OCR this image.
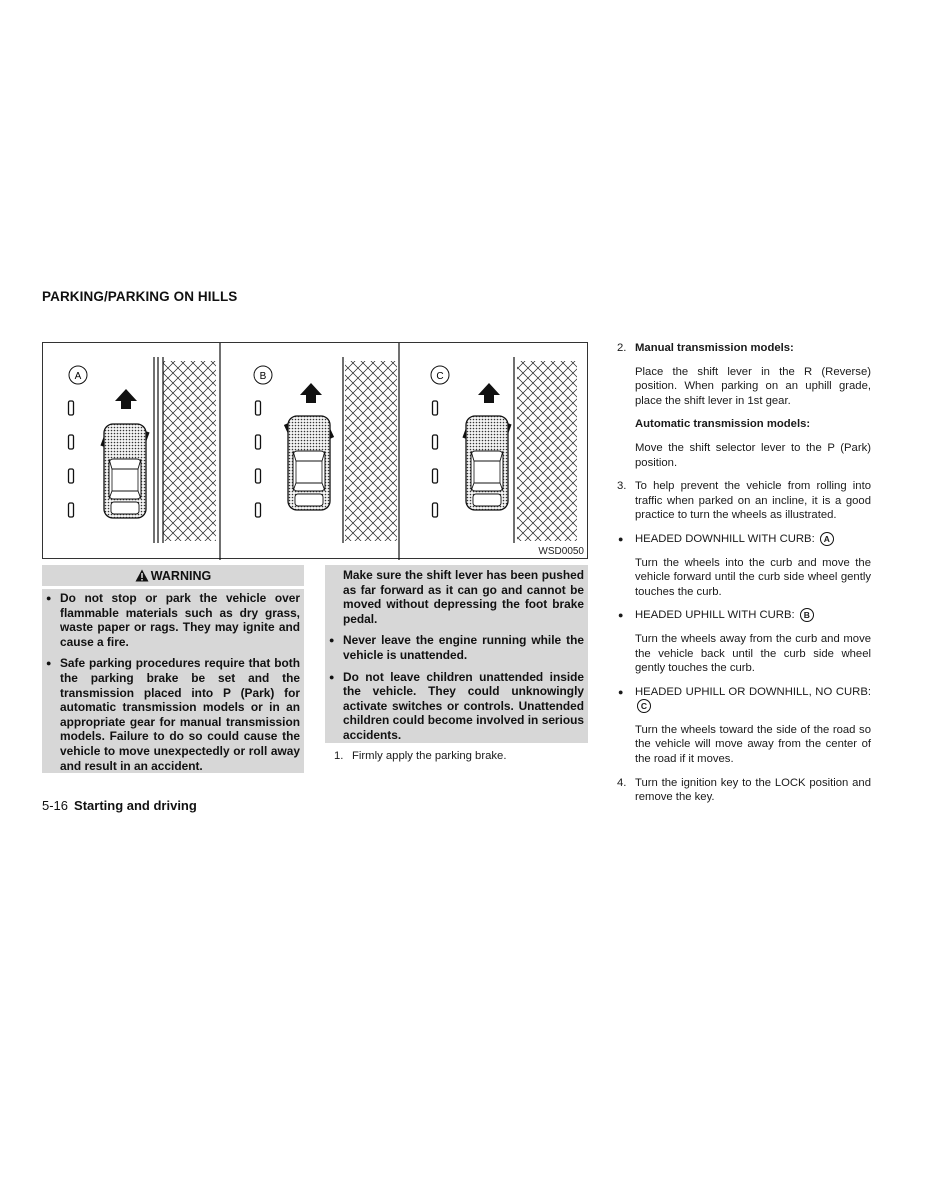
PARKING/PARKING ON HILLS
A	B	C
WSD0050
WARNING
● Do not stop or park the vehicle over flammable materials such as dry grass, waste paper or rags. They may ignite and cause a fire.
● Safe parking procedures require that both the parking brake be set and the transmission placed into P (Park) for automatic transmission models or in an appropriate gear for manual transmission models. Failure to do so could cause the vehicle to move unexpectedly or roll away and result in an accident.
Make sure the shift lever has been pushed as far forward as it can go and cannot be moved without depressing the foot brake pedal.
● Never leave the engine running while the vehicle is unattended.
● Do not leave children unattended inside the vehicle. They could unknowingly activate switches or controls. Unattended children could become involved in serious accidents.
1. Firmly apply the parking brake.
2. Manual transmission models:
Place the shift lever in the R (Reverse) position. When parking on an uphill grade, place the shift lever in 1st gear.
Automatic transmission models:
Move the shift selector lever to the P (Park) position.
3. To help prevent the vehicle from rolling into traffic when parked on an incline, it is a good practice to turn the wheels as illustrated.
● HEADED DOWNHILL WITH CURB: A
Turn the wheels into the curb and move the vehicle forward until the curb side wheel gently touches the curb.
● HEADED UPHILL WITH CURB: B
Turn the wheels away from the curb and move the vehicle back until the curb side wheel gently touches the curb.
● HEADED UPHILL OR DOWNHILL, NO CURB: C
Turn the wheels toward the side of the road so the vehicle will move away from the center of the road if it moves.
4. Turn the ignition key to the LOCK position and remove the key.
5-16 Starting and driving
